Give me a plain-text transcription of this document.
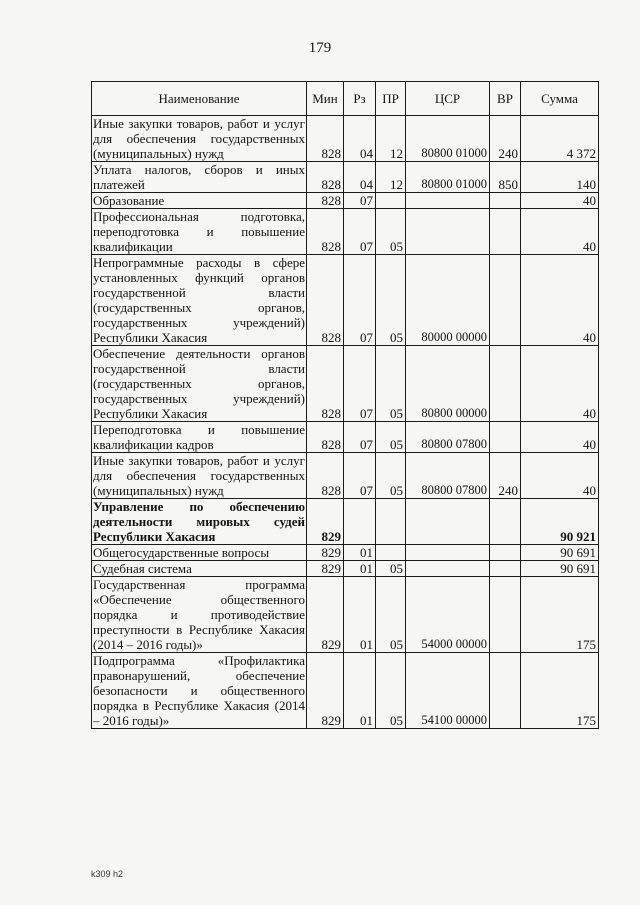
179
Наименование	Мин	Рз	ПР	ЦСР	ВР	Сумма
Иные закупки товаров, работ и услуг для обеспечения государственных (муниципальных) нужд	828	04	12	80800 01000	240	4 372
Уплата налогов, сборов и иных платежей	828	04	12	80800 01000	850	140
Образование	828	07				40
Профессиональная подготовка, переподготовка и повышение квалификации	828	07	05			40
Непрограммные расходы в сфере установленных функций органов государственной власти (государственных органов, государственных учреждений) Республики Хакасия	828	07	05	80000 00000		40
Обеспечение деятельности органов государственной власти (государственных органов, государственных учреждений) Республики Хакасия	828	07	05	80800 00000		40
Переподготовка и повышение квалификации кадров	828	07	05	80800 07800		40
Иные закупки товаров, работ и услуг для обеспечения государственных (муниципальных) нужд	828	07	05	80800 07800	240	40
Управление по обеспечению деятельности мировых судей Республики Хакасия	829					90 921
Общегосударственные вопросы	829	01				90 691
Судебная система	829	01	05			90 691
Государственная программа «Обеспечение общественного порядка и противодействие преступности в Республике Хакасия (2014 – 2016 годы)»	829	01	05	54000 00000		175
Подпрограмма «Профилактика правонарушений, обеспечение безопасности и общественного порядка в Республике Хакасия (2014 – 2016 годы)»	829	01	05	54100 00000		175
k309 h2
